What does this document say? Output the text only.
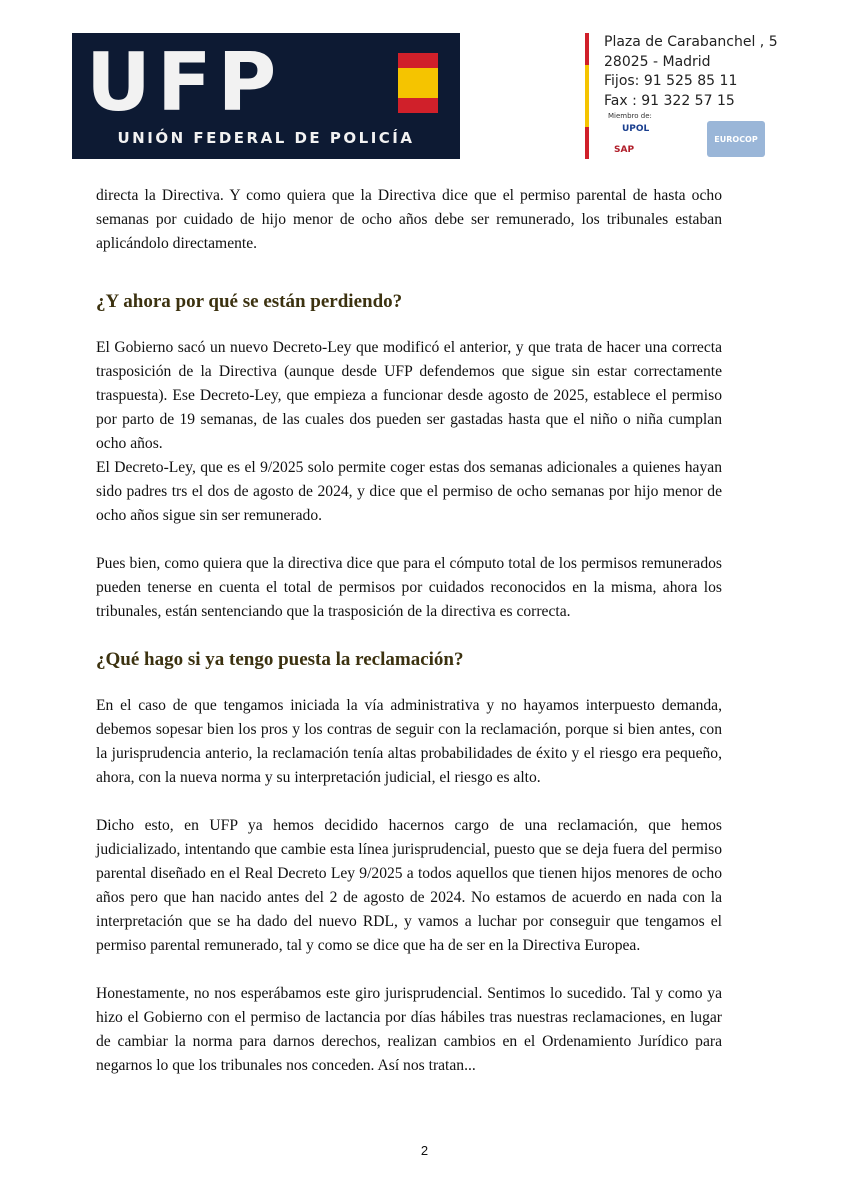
UFP
UNIÓN FEDERAL DE POLICÍA
Plaza de Carabanchel , 5
28025 - Madrid
Fijos: 91 525 85 11
Fax : 91 322 57 15
Miembro de:
UPOL
SAP
EUROCOP

directa la Directiva. Y como quiera que la Directiva dice que el permiso parental de hasta ocho semanas por cuidado de hijo menor de ocho años debe ser remunerado, los tribunales estaban aplicándolo directamente.

¿Y ahora por qué se están perdiendo?

El Gobierno sacó un nuevo Decreto-Ley que modificó el anterior, y que trata de hacer una correcta trasposición de la Directiva (aunque desde UFP defendemos que sigue sin estar correctamente traspuesta). Ese Decreto-Ley, que empieza a funcionar desde agosto de 2025, establece el permiso por parto de 19 semanas, de las cuales dos pueden ser gastadas hasta que el niño o niña cumplan ocho años.

El Decreto-Ley, que es el 9/2025 solo permite coger estas dos semanas adicionales a quienes hayan sido padres trs el dos de agosto de 2024, y dice que el permiso de ocho semanas por hijo menor de ocho años sigue sin ser remunerado.

Pues bien, como quiera que la directiva dice que para el cómputo total de los permisos remunerados pueden tenerse en cuenta el total de permisos por cuidados reconocidos en la misma, ahora los tribunales, están sentenciando que la trasposición de la directiva es correcta.

¿Qué hago si ya tengo puesta la reclamación?

En el caso de que tengamos iniciada la vía administrativa y no hayamos interpuesto demanda, debemos sopesar bien los pros y los contras de seguir con la reclamación, porque si bien antes, con la jurisprudencia anterio, la reclamación tenía altas probabilidades de éxito y el riesgo era pequeño, ahora, con la nueva norma y su interpretación judicial, el riesgo es alto.

Dicho esto, en UFP ya hemos decidido hacernos cargo de una reclamación, que hemos judicializado, intentando que cambie esta línea jurisprudencial, puesto que se deja fuera del permiso parental diseñado en el Real Decreto Ley 9/2025 a todos aquellos que tienen hijos menores de ocho años pero que han nacido antes del 2 de agosto de 2024. No estamos de acuerdo en nada con la interpretación que se ha dado del nuevo RDL, y vamos a luchar por conseguir que tengamos el permiso parental remunerado, tal y como se dice que ha de ser en la Directiva Europea.

Honestamente, no nos esperábamos este giro jurisprudencial. Sentimos lo sucedido. Tal y como ya hizo el Gobierno con el permiso de lactancia por días hábiles tras nuestras reclamaciones, en lugar de cambiar la norma para darnos derechos, realizan cambios en el Ordenamiento Jurídico para negarnos lo que los tribunales nos conceden. Así nos tratan...

2
